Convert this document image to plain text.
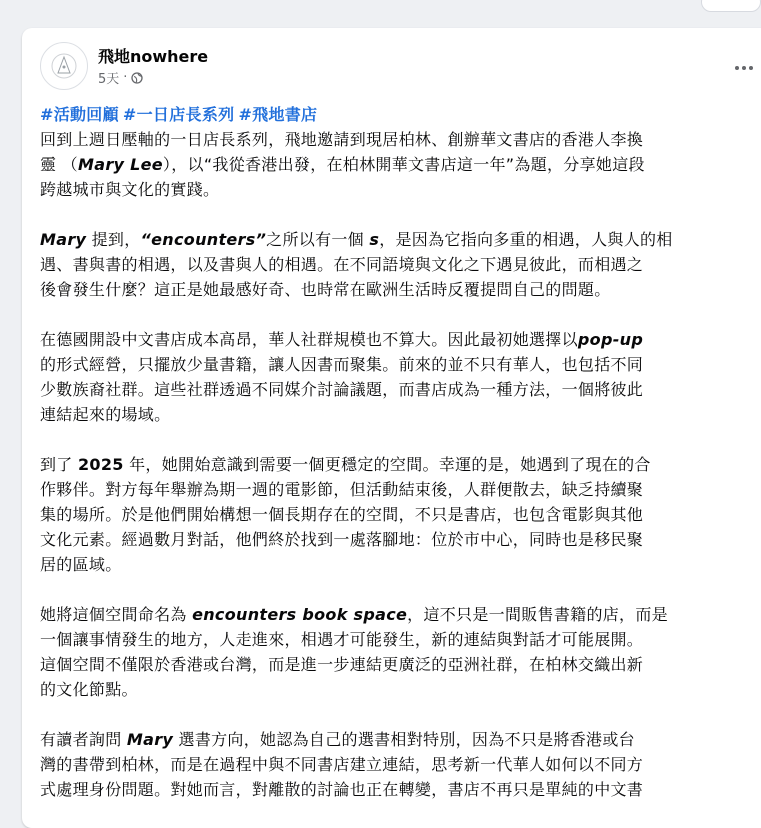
飛地nowhere
5天 ·
#活動回顧 #一日店長系列 #飛地書店
回到上週日壓軸的一日店長系列，飛地邀請到現居柏林、創辦華文書店的香港人李換
靈 （Mary Lee），以“我從香港出發，在柏林開華文書店這一年”為題，分享她這段
跨越城市與文化的實踐。
Mary 提到，“encounters”之所以有一個 s，是因為它指向多重的相遇，人與人的相
遇、書與書的相遇，以及書與人的相遇。在不同語境與文化之下遇見彼此，而相遇之
後會發生什麼？這正是她最感好奇、也時常在歐洲生活時反覆提問自己的問題。
在德國開設中文書店成本高昂，華人社群規模也不算大。因此最初她選擇以pop-up
的形式經營，只擺放少量書籍，讓人因書而聚集。前來的並不只有華人，也包括不同
少數族裔社群。這些社群透過不同媒介討論議題，而書店成為一種方法，一個將彼此
連結起來的場域。
到了 2025 年，她開始意識到需要一個更穩定的空間。幸運的是，她遇到了現在的合
作夥伴。對方每年舉辦為期一週的電影節，但活動結束後，人群便散去，缺乏持續聚
集的場所。於是他們開始構想一個長期存在的空間，不只是書店，也包含電影與其他
文化元素。經過數月對話，他們終於找到一處落腳地：位於市中心，同時也是移民聚
居的區域。
她將這個空間命名為 encounters book space，這不只是一間販售書籍的店，而是
一個讓事情發生的地方，人走進來，相遇才可能發生，新的連結與對話才可能展開。
這個空間不僅限於香港或台灣，而是進一步連結更廣泛的亞洲社群，在柏林交織出新
的文化節點。
有讀者詢問 Mary 選書方向，她認為自己的選書相對特別，因為不只是將香港或台
灣的書帶到柏林，而是在過程中與不同書店建立連結，思考新一代華人如何以不同方
式處理身份問題。對她而言，對離散的討論也正在轉變，書店不再只是單純的中文書
